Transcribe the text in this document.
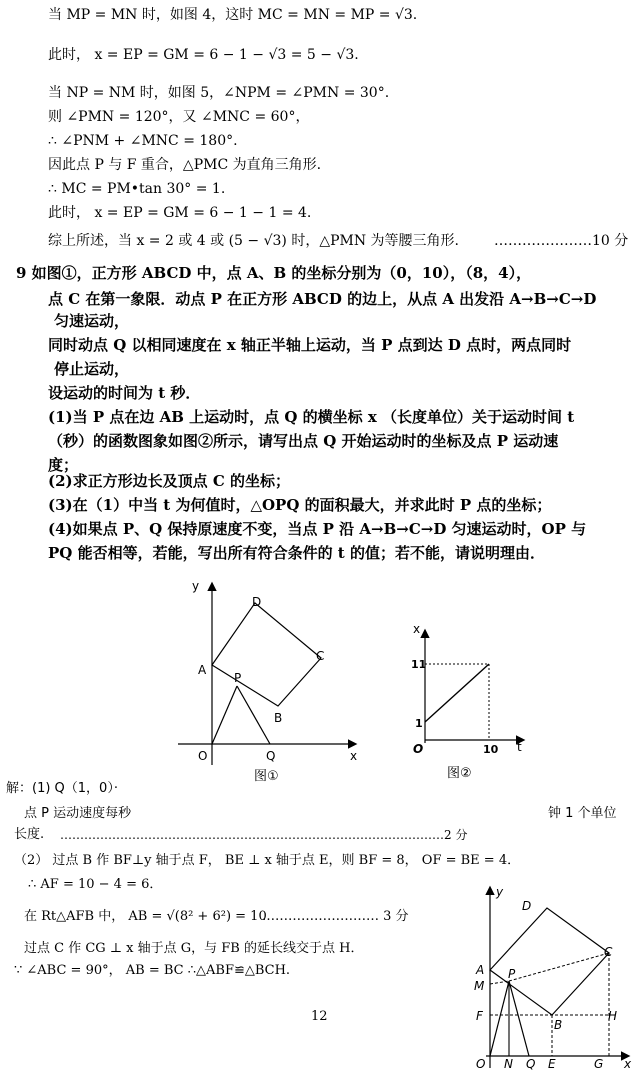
当 MP = MN 时，如图 4，这时 MC = MN = MP = √3.
此时， x = EP = GM = 6 − 1 − √3 = 5 − √3.
当 NP = NM 时，如图 5，∠NPM = ∠PMN = 30°.
则 ∠PMN = 120°，又 ∠MNC = 60°，
∴ ∠PNM + ∠MNC = 180°.
因此点 P 与 F 重合，△PMC 为直角三角形.
∴ MC = PM•tan 30° = 1.
此时， x = EP = GM = 6 − 1 − 1 = 4.
综上所述，当 x = 2 或 4 或 (5 − √3) 时，△PMN 为等腰三角形. …………………10 分
9 如图①，正方形 ABCD 中，点 A、B 的坐标分别为（0，10），（8，4），
点 C 在第一象限．动点 P 在正方形 ABCD 的边上，从点 A 出发沿 A→B→C→D
匀速运动，
同时动点 Q 以相同速度在 x 轴正半轴上运动，当 P 点到达 D 点时，两点同时
停止运动，
设运动的时间为 t 秒．
(1)当 P 点在边 AB 上运动时，点 Q 的横坐标 x （长度单位）关于运动时间 t
（秒）的函数图象如图②所示，请写出点 Q 开始运动时的坐标及点 P 运动速
度；
(2)求正方形边长及顶点 C 的坐标；
(3)在（1）中当 t 为何值时，△OPQ 的面积最大，并求此时 P 点的坐标；
(4)如果点 P、Q 保持原速度不变，当点 P 沿 A→B→C→D 匀速运动时，OP 与
PQ 能否相等，若能，写出所有符合条件的 t 的值；若不能，请说明理由．
y
x
O
A
B
C
D
P
Q
图①
x
t
O
11
1
10
图②
解：(1) Q（1，0）·
点 P 运动速度每秒	钟 1 个单位
长度. ……………………………………………………………………………………2 分
（2） 过点 B 作 BF⊥y 轴于点 F， BE ⊥ x 轴于点 E，则 BF = 8， OF = BE = 4．
∴ AF = 10 − 4 = 6．
在 Rt△AFB 中， AB = √(8² + 6²) = 10
……………………… 3 分
过点 C 作 CG ⊥ x 轴于点 G，与 FB 的延长线交于点 H．
∵ ∠ABC = 90°， AB = BC ∴△ABF≌△BCH.
y
x
O
A
M
F
P
B
C
D
H
N Q E	G
12
